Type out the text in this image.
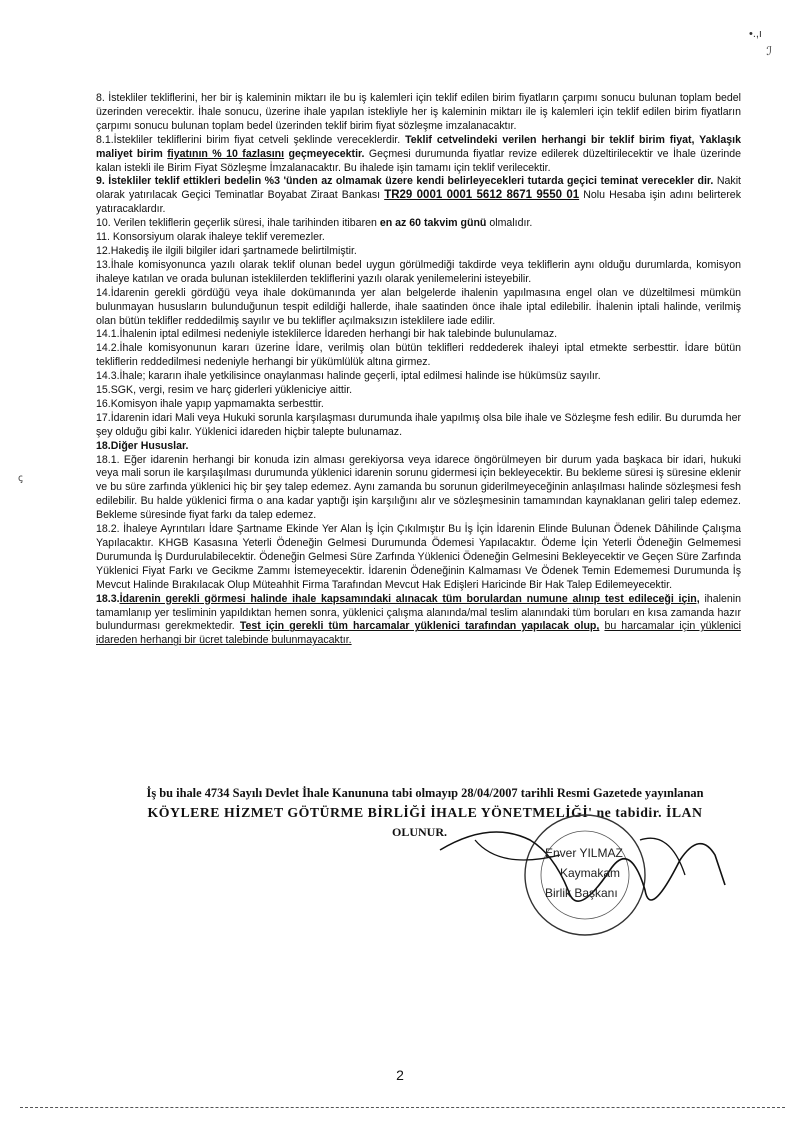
•.,ı
ℐ
ꞔ

8. İstekliler tekliflerini, her bir iş kaleminin miktarı ile bu iş kalemleri için teklif edilen birim fiyatların çarpımı sonucu bulunan toplam bedel üzerinden verecektir. İhale sonucu, üzerine ihale yapılan istekliyle her iş kaleminin miktarı ile iş kalemleri için teklif edilen birim fiyatların çarpımı sonucu bulunan toplam bedel üzerinden teklif birim fiyat sözleşme imzalanacaktır.

8.1.İstekliler tekliflerini birim fiyat cetveli şeklinde vereceklerdir. Teklif cetvelindeki verilen herhangi bir teklif birim fiyat, Yaklaşık maliyet birim fiyatının % 10 fazlasını geçmeyecektir. Geçmesi durumunda fiyatlar revize edilerek düzeltirilecektir ve İhale üzerinde kalan istekli ile Birim Fiyat Sözleşme İmzalanacaktır. Bu ihalede işin tamamı için teklif verilecektir.

9. İstekliler teklif ettikleri bedelin %3 'ünden az olmamak üzere kendi belirleyecekleri tutarda geçici teminat verecekler dir. Nakit olarak yatırılacak Geçici Teminatlar Boyabat Ziraat Bankası TR29 0001 0001 5612 8671 9550 01 Nolu Hesaba işin adını belirterek yatıracaklardır.

10. Verilen tekliflerin geçerlik süresi, ihale tarihinden itibaren en az 60 takvim günü olmalıdır.

11. Konsorsiyum olarak ihaleye teklif veremezler.

12.Hakediş ile ilgili bilgiler idari şartnamede belirtilmiştir.

13.İhale komisyonunca yazılı olarak teklif olunan bedel uygun görülmediği takdirde veya tekliflerin aynı olduğu durumlarda, komisyon ihaleye katılan ve orada bulunan isteklilerden tekliflerini yazılı olarak yenilemelerini isteyebilir.

14.İdarenin gerekli gördüğü veya ihale dokümanında yer alan belgelerde ihalenin yapılmasına engel olan ve düzeltilmesi mümkün bulunmayan hususların bulunduğunun tespit edildiği hallerde, ihale saatinden önce ihale iptal edilebilir. İhalenin iptali halinde, verilmiş olan bütün teklifler reddedilmiş sayılır ve bu teklifler açılmaksızın isteklilere iade edilir.

14.1.İhalenin iptal edilmesi nedeniyle isteklilerce İdareden herhangi bir hak talebinde bulunulamaz.

14.2.İhale komisyonunun kararı üzerine İdare, verilmiş olan bütün teklifleri reddederek ihaleyi iptal etmekte serbesttir. İdare bütün tekliflerin reddedilmesi nedeniyle herhangi bir yükümlülük altına girmez.

14.3.İhale; kararın ihale yetkilisince onaylanması halinde geçerli, iptal edilmesi halinde ise hükümsüz sayılır.

15.SGK, vergi, resim ve harç giderleri yükleniciye aittir.

16.Komisyon ihale yapıp yapmamakta serbesttir.

17.İdarenin idari Mali veya Hukuki sorunla karşılaşması durumunda ihale yapılmış olsa bile ihale ve Sözleşme fesh edilir. Bu durumda her şey olduğu gibi kalır. Yüklenici idareden hiçbir talepte bulunamaz.

18.Diğer Hususlar.

18.1. Eğer idarenin herhangi bir konuda izin alması gerekiyorsa veya idarece öngörülmeyen bir durum yada başkaca bir idari, hukuki veya mali sorun ile karşılaşılması durumunda yüklenici idarenin sorunu gidermesi için bekleyecektir. Bu bekleme süresi iş süresine eklenir ve bu süre zarfında yüklenici hiç bir şey talep edemez. Aynı zamanda bu sorunun giderilmeyeceğinin anlaşılması halinde sözleşmesi fesh edilebilir. Bu halde yüklenici firma o ana kadar yaptığı işin karşılığını alır ve sözleşmesinin tamamından kaynaklanan geliri talep edemez. Bekleme süresinde fiyat farkı da talep edemez.

18.2. İhaleye Ayrıntıları İdare Şartname Ekinde Yer Alan İş İçin Çıkılmıştır Bu İş İçin İdarenin Elinde Bulunan Ödenek Dâhilinde Çalışma Yapılacaktır. KHGB Kasasına Yeterli Ödeneğin Gelmesi Durumunda Ödemesi Yapılacaktır. Ödeme İçin Yeterli Ödeneğin Gelmemesi Durumunda İş Durdurulabilecektir. Ödeneğin Gelmesi Süre Zarfında Yüklenici Ödeneğin Gelmesini Bekleyecektir ve Geçen Süre Zarfında Yüklenici Fiyat Farkı ve Gecikme Zammı İstemeyecektir. İdarenin Ödeneğinin Kalmaması Ve Ödenek Temin Edememesi Durumunda İş Mevcut Halinde Bırakılacak Olup Müteahhit Firma Tarafından Mevcut Hak Edişleri Haricinde Bir Hak Talep Edilemeyecektir.

18.3.İdarenin gerekli görmesi halinde ihale kapsamındaki alınacak tüm borulardan numune alınıp test edileceği için, ihalenin tamamlanıp yer tesliminin yapıldıktan hemen sonra, yüklenici çalışma alanında/mal teslim alanındaki tüm boruları en kısa zamanda hazır bulundurması gerekmektedir. Test için gerekli tüm harcamalar yüklenici tarafından yapılacak olup, bu harcamalar için yüklenici idareden herhangi bir ücret talebinde bulunmayacaktır.

İş bu ihale 4734 Sayılı Devlet İhale Kanununa tabi olmayıp 28/04/2007 tarihli Resmi Gazetede yayınlanan
KÖYLERE HİZMET GÖTÜRME BİRLİĞİ İHALE YÖNETMELİĞİ' ne tabidir. İLAN
OLUNUR.
Enver YILMAZ
Kaymakam
Birlik Başkanı
2
